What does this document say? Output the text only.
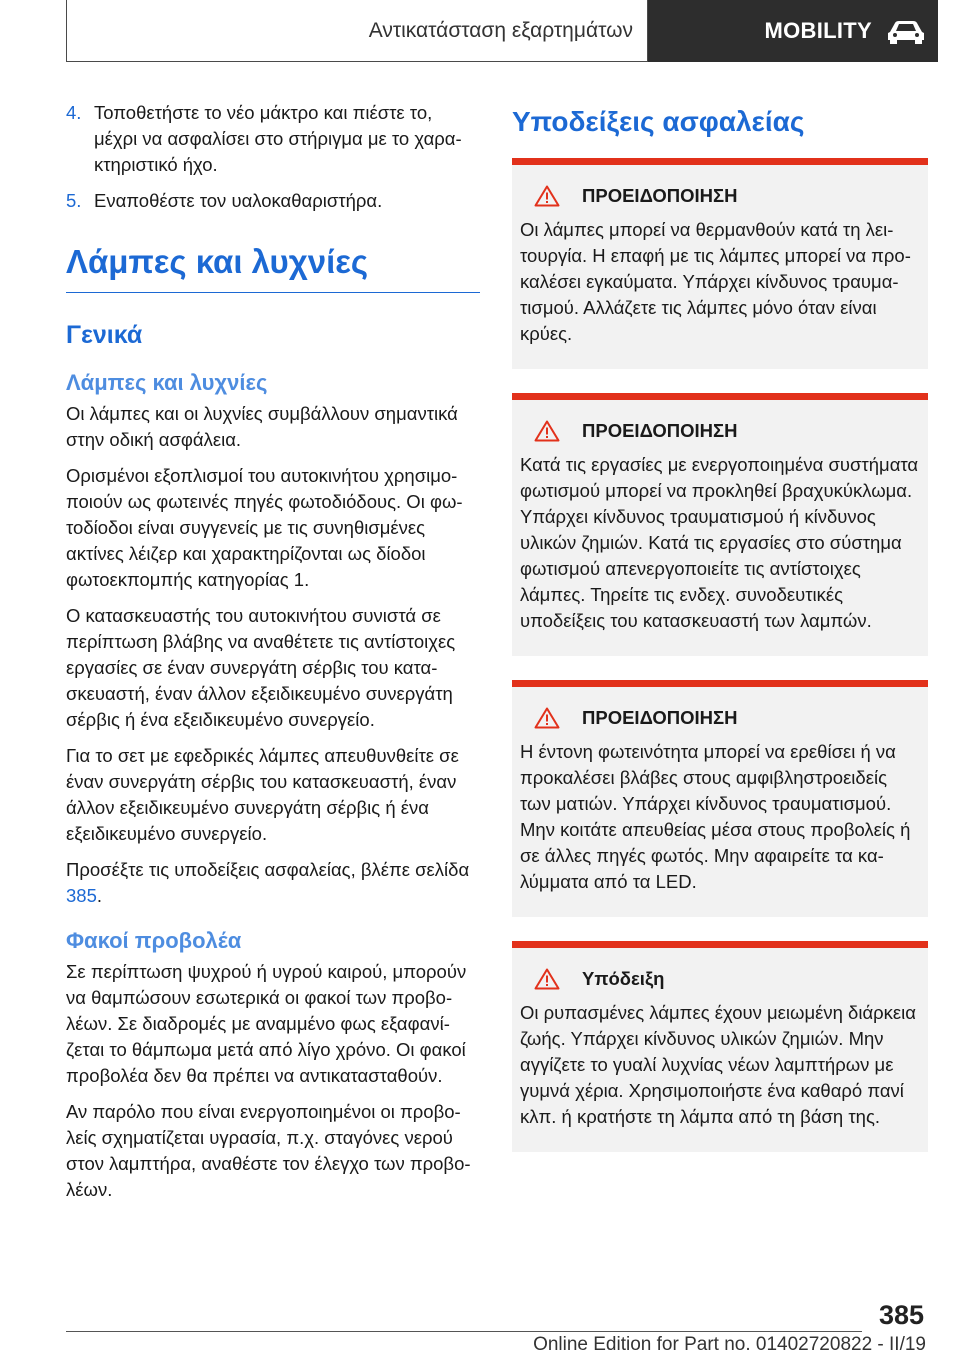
Αντικατάσταση εξαρτημάτων	MOBILITY
4. Τοποθετήστε το νέο μάκτρο και πιέστε το, μέχρι να ασφαλίσει στο στήριγμα με το χαρακτηριστικό ήχο.
5. Εναποθέστε τον υαλοκαθαριστήρα.
Λάμπες και λυχνίες
Γενικά
Λάμπες και λυχνίες

Οι λάμπες και οι λυχνίες συμβάλλουν σημαντικά στην οδική ασφάλεια.

Ορισμένοι εξοπλισμοί του αυτοκινήτου χρησιμοποιούν ως φωτεινές πηγές φωτοδιόδους. Οι φωτοδίοδοι είναι συγγενείς με τις συνηθισμένες ακτίνες λέιζερ και χαρακτηρίζονται ως δίοδοι φωτοεκπομπής κατηγορίας 1.

Ο κατασκευαστής του αυτοκινήτου συνιστά σε περίπτωση βλάβης να αναθέτετε τις αντίστοιχες εργασίες σε έναν συνεργάτη σέρβις του κατασκευαστή, έναν άλλον εξειδικευμένο συνεργάτη σέρβις ή ένα εξειδικευμένο συνεργείο.

Για το σετ με εφεδρικές λάμπες απευθυνθείτε σε έναν συνεργάτη σέρβις του κατασκευαστή, έναν άλλον εξειδικευμένο συνεργάτη σέρβις ή ένα εξειδικευμένο συνεργείο.

Προσέξτε τις υποδείξεις ασφαλείας, βλέπε σελίδα 385.

Φακοί προβολέα

Σε περίπτωση ψυχρού ή υγρού καιρού, μπορούν να θαμπώσουν εσωτερικά οι φακοί των προβολέων. Σε διαδρομές με αναμμένο φως εξαφανίζεται το θάμπωμα μετά από λίγο χρόνο. Οι φακοί προβολέα δεν θα πρέπει να αντικατασταθούν.

Αν παρόλο που είναι ενεργοποιημένοι οι προβολείς σχηματίζεται υγρασία, π.χ. σταγόνες νερού στον λαμπτήρα, αναθέστε τον έλεγχο των προβολέων.

Υποδείξεις ασφαλείας
ΠΡΟΕΙΔΟΠΟΙΗΣΗ
Οι λάμπες μπορεί να θερμανθούν κατά τη λειτουργία. Η επαφή με τις λάμπες μπορεί να προκαλέσει εγκαύματα. Υπάρχει κίνδυνος τραυματισμού. Αλλάζετε τις λάμπες μόνο όταν είναι κρύες.
ΠΡΟΕΙΔΟΠΟΙΗΣΗ
Κατά τις εργασίες με ενεργοποιημένα συστήματα φωτισμού μπορεί να προκληθεί βραχυκύκλωμα. Υπάρχει κίνδυνος τραυματισμού ή κίνδυνος υλικών ζημιών. Κατά τις εργασίες στο σύστημα φωτισμού απενεργοποιείτε τις αντίστοιχες λάμπες. Τηρείτε τις ενδεχ. συνοδευτικές υποδείξεις του κατασκευαστή των λαμπών.
ΠΡΟΕΙΔΟΠΟΙΗΣΗ
Η έντονη φωτεινότητα μπορεί να ερεθίσει ή να προκαλέσει βλάβες στους αμφιβληστροειδείς των ματιών. Υπάρχει κίνδυνος τραυματισμού. Μην κοιτάτε απευθείας μέσα στους προβολείς ή σε άλλες πηγές φωτός. Μην αφαιρείτε τα καλύμματα από τα LED.
Υπόδειξη
Οι ρυπασμένες λάμπες έχουν μειωμένη διάρκεια ζωής. Υπάρχει κίνδυνος υλικών ζημιών. Μην αγγίζετε το γυαλί λυχνίας νέων λαμπτήρων με γυμνά χέρια. Χρησιμοποιήστε ένα καθαρό πανί κλπ. ή κρατήστε τη λάμπα από τη βάση της.
385
Online Edition for Part no. 01402720822 - II/19
